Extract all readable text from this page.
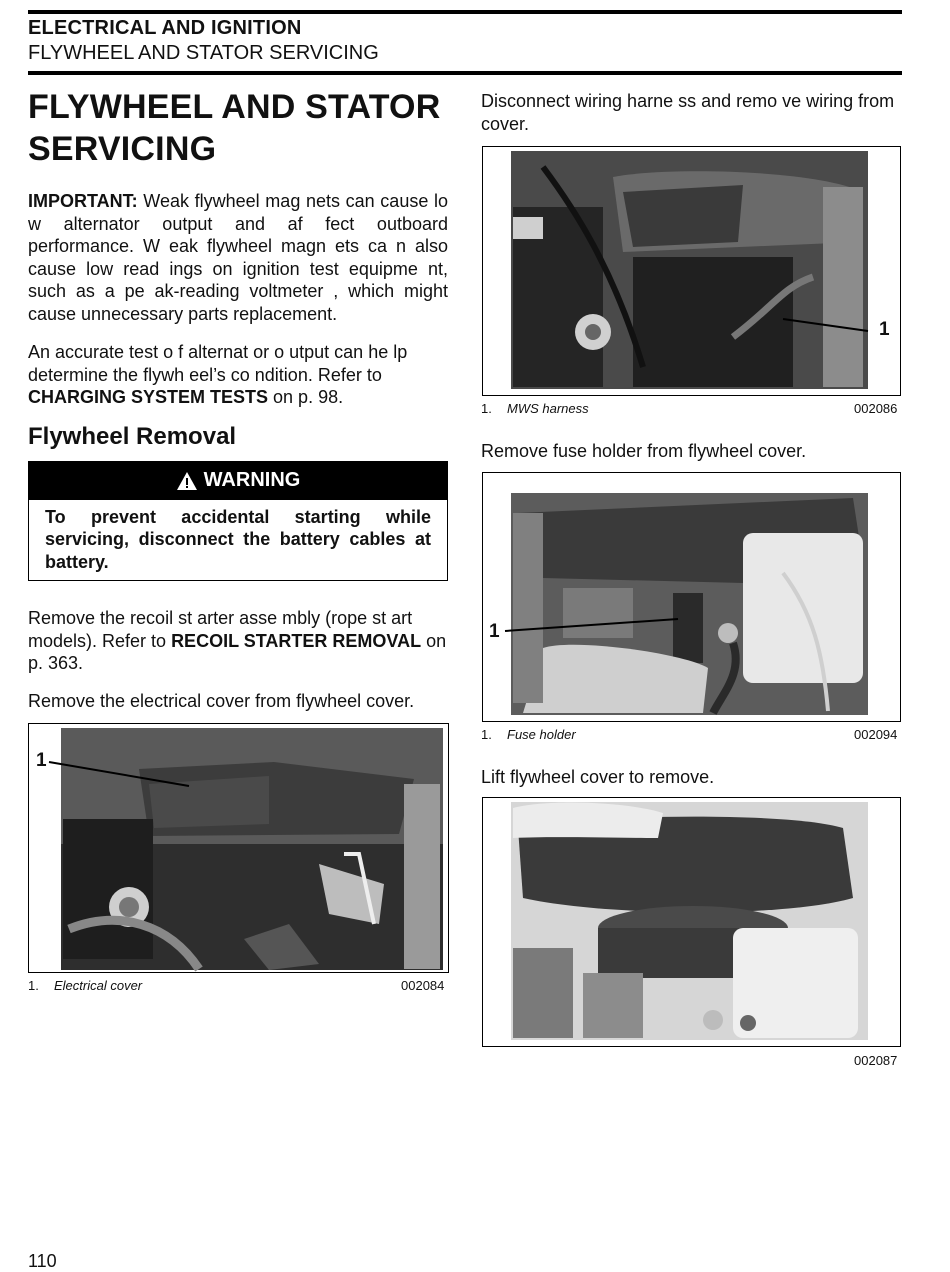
ELECTRICAL AND IGNITION
FLYWHEEL AND STATOR SERVICING
FLYWHEEL AND STATOR SERVICING

IMPORTANT: Weak flywheel mag nets can cause lo w alternator output and af fect outboard performance. W eak flywheel magn ets ca n also cause low read ings on ignition test equipme nt, such as a pe ak-reading voltmeter , which might cause unnecessary parts replacement.

An accurate test o f alternat or o utput can he lp determine the flywh eel’s co ndition. Refer to CHARGING SYSTEM TESTS on p. 98.

Flywheel Removal
WARNING
To prevent accidental starting while servicing, disconnect the battery cables at battery.

Remove the recoil st arter asse mbly (rope st art models). Refer to RECOIL STARTER REMOVAL on p. 363.

Remove the electrical cover from flywheel cover.

1
1. Electrical cover	002084

Disconnect wiring harne ss and remo ve wiring from cover.

1
1. MWS harness	002086

Remove fuse holder from flywheel cover.

1
1. Fuse holder	002094

Lift flywheel cover to remove.

002087
110
